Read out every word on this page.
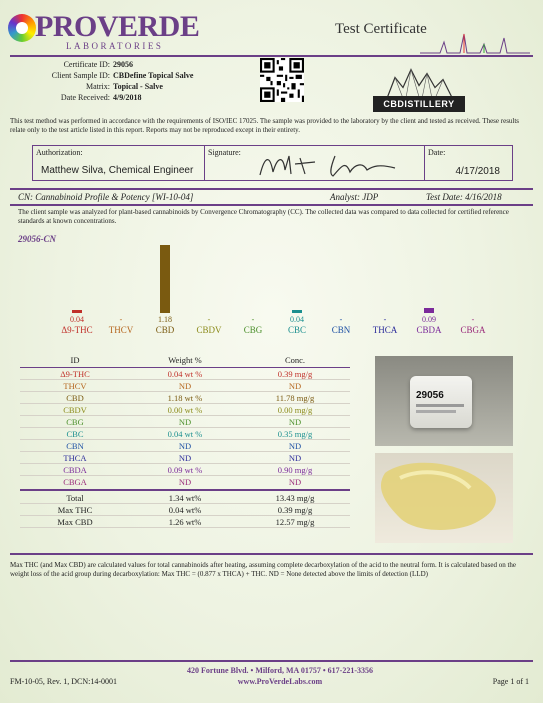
PROVERDE
LABORATORIES
Test Certificate
Certificate ID: 29056
Client Sample ID: CBDefine Topical Salve
Matrix: Topical - Salve
Date Received: 4/9/2018
CBDISTILLERY
This test method was performed in accordance with the requirements of ISO/IEC 17025. The sample was provided to the laboratory by the client and tested as received. These results relate only to the test article listed in this report. Reports may not be reproduced except in their entirety.
Authorization:
Matthew Silva, Chemical Engineer
Signature:	Date:
4/17/2018
CN: Cannabinoid Profile & Potency [WI-10-04]	Analyst: JDP	Test Date: 4/16/2018
The client sample was analyzed for plant-based cannabinoids by Convergence Chromatography (CC). The collected data was compared to data collected for certified reference standards at known concentrations.
29056-CN
0.04	-	1.18	-	-	0.04	-	-	0.09	-
Δ9-THC	THCV	CBD	CBDV	CBG	CBC	CBN	THCA	CBDA	CBGA
ID	Weight %	Conc.
Δ9-THC	0.04 wt %	0.39 mg/g
THCV	ND	ND
CBD	1.18 wt %	11.78 mg/g
CBDV	0.00 wt %	0.00 mg/g
CBG	ND	ND
CBC	0.04 wt %	0.35 mg/g
CBN	ND	ND
THCA	ND	ND
CBDA	0.09 wt %	0.90 mg/g
CBGA	ND	ND
Total	1.34 wt%	13.43 mg/g
Max THC	0.04 wt%	0.39 mg/g
Max CBD	1.26 wt%	12.57 mg/g
29056
Max THC (and Max CBD) are calculated values for total cannabinoids after heating, assuming complete decarboxylation of the acid to the neutral form. It is calculated based on the weight loss of the acid group during decarboxylation: Max THC = (0.877 x THCA) + THC. ND = None detected above the limits of detection (LLD)
FM-10-05, Rev. 1, DCN:14-0001
420 Fortune Blvd. • Milford, MA 01757 • 617-221-3356
www.ProVerdeLabs.com	Page 1 of 1
